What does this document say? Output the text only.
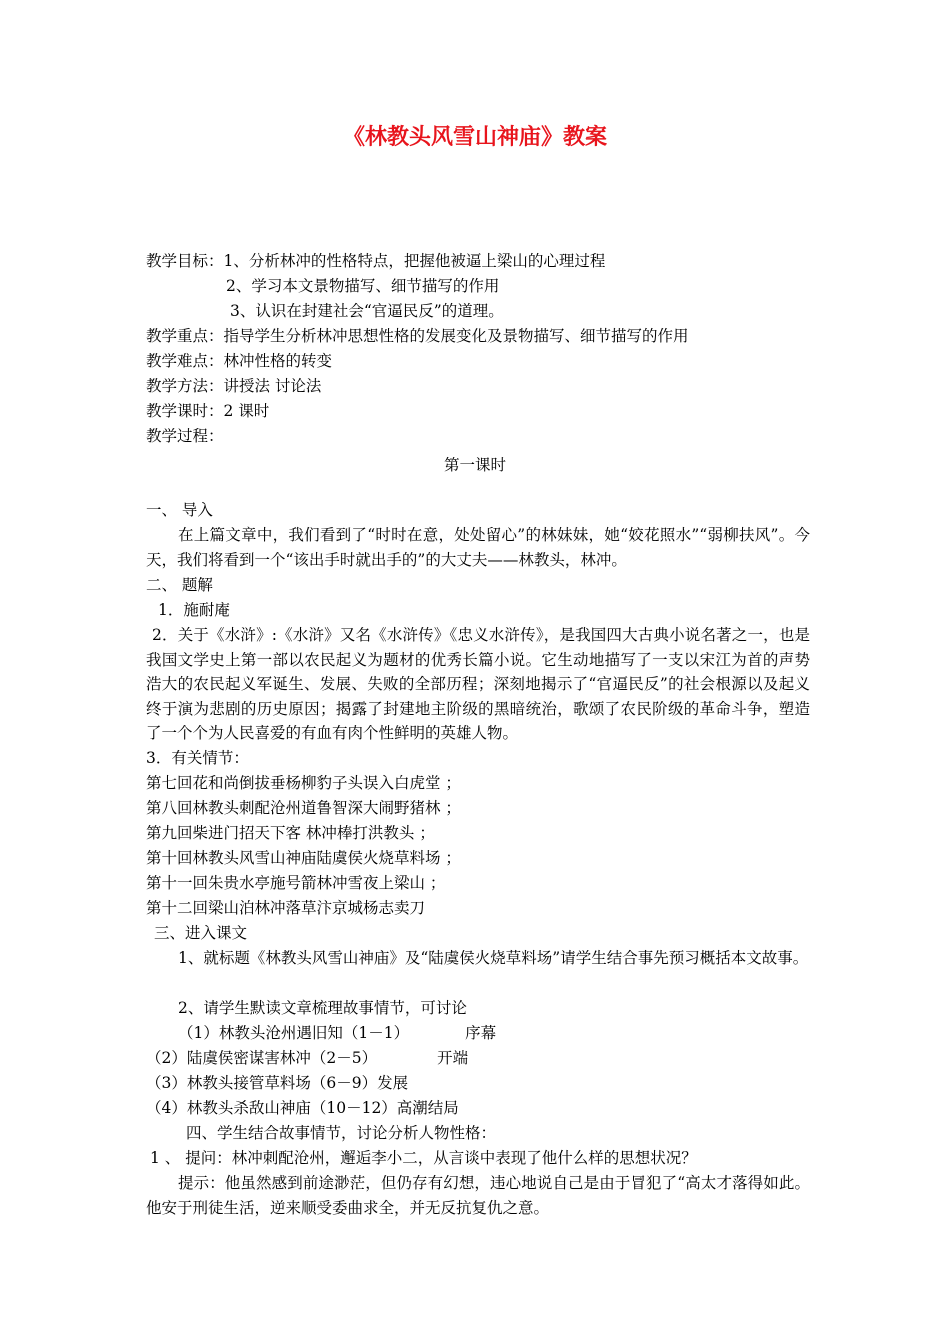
《林教头风雪山神庙》教案
教学目标：1、分析林冲的性格特点，把握他被逼上梁山的心理过程
2、学习本文景物描写、细节描写的作用
3、认识在封建社会“官逼民反”的道理。
教学重点：指导学生分析林冲思想性格的发展变化及景物描写、细节描写的作用
教学难点：林冲性格的转变
教学方法：讲授法 讨论法
教学课时：2 课时
教学过程：
第一课时
一、 导入
在上篇文章中，我们看到了“时时在意，处处留心”的林妹妹，她“姣花照水”“弱柳扶风”。今天，我们将看到一个“该出手时就出手的”的大丈夫——林教头，林冲。
二、 题解
1．施耐庵
2．关于《水浒》:《水浒》又名《水浒传》《忠义水浒传》，是我国四大古典小说名著之一，也是我国文学史上第一部以农民起义为题材的优秀长篇小说。它生动地描写了一支以宋江为首的声势浩大的农民起义军诞生、发展、失败的全部历程；深刻地揭示了“官逼民反”的社会根源以及起义终于演为悲剧的历史原因；揭露了封建地主阶级的黑暗统治，歌颂了农民阶级的革命斗争，塑造了一个个为人民喜爱的有血有肉个性鲜明的英雄人物。
3．有关情节：
第七回花和尚倒拔垂杨柳豹子头误入白虎堂 ；
第八回林教头刺配沧州道鲁智深大闹野猪林 ；
第九回柴进门招天下客 林冲棒打洪教头 ；
第十回林教头风雪山神庙陆虞侯火烧草料场 ；
第十一回朱贵水亭施号箭林冲雪夜上梁山 ；
第十二回梁山泊林冲落草汴京城杨志卖刀
三、进入课文
1、就标题《林教头风雪山神庙》及“陆虞侯火烧草料场”请学生结合事先预习概括本文故事。
2、请学生默读文章梳理故事情节，可讨论
（1）林教头沧州遇旧知（1－1）	序幕
（2）陆虞侯密谋害林冲（2－5）	开端
（3）林教头接管草料场（6－9）发展
（4）林教头杀敌山神庙（10－12）高潮结局
四、学生结合故事情节，讨论分析人物性格：
1 、 提问：林冲刺配沧州，邂逅李小二，从言谈中表现了他什么样的思想状况？
提示：他虽然感到前途渺茫，但仍存有幻想，违心地说自己是由于冒犯了“高太才落得如此。他安于刑徒生活，逆来顺受委曲求全，并无反抗复仇之意。
